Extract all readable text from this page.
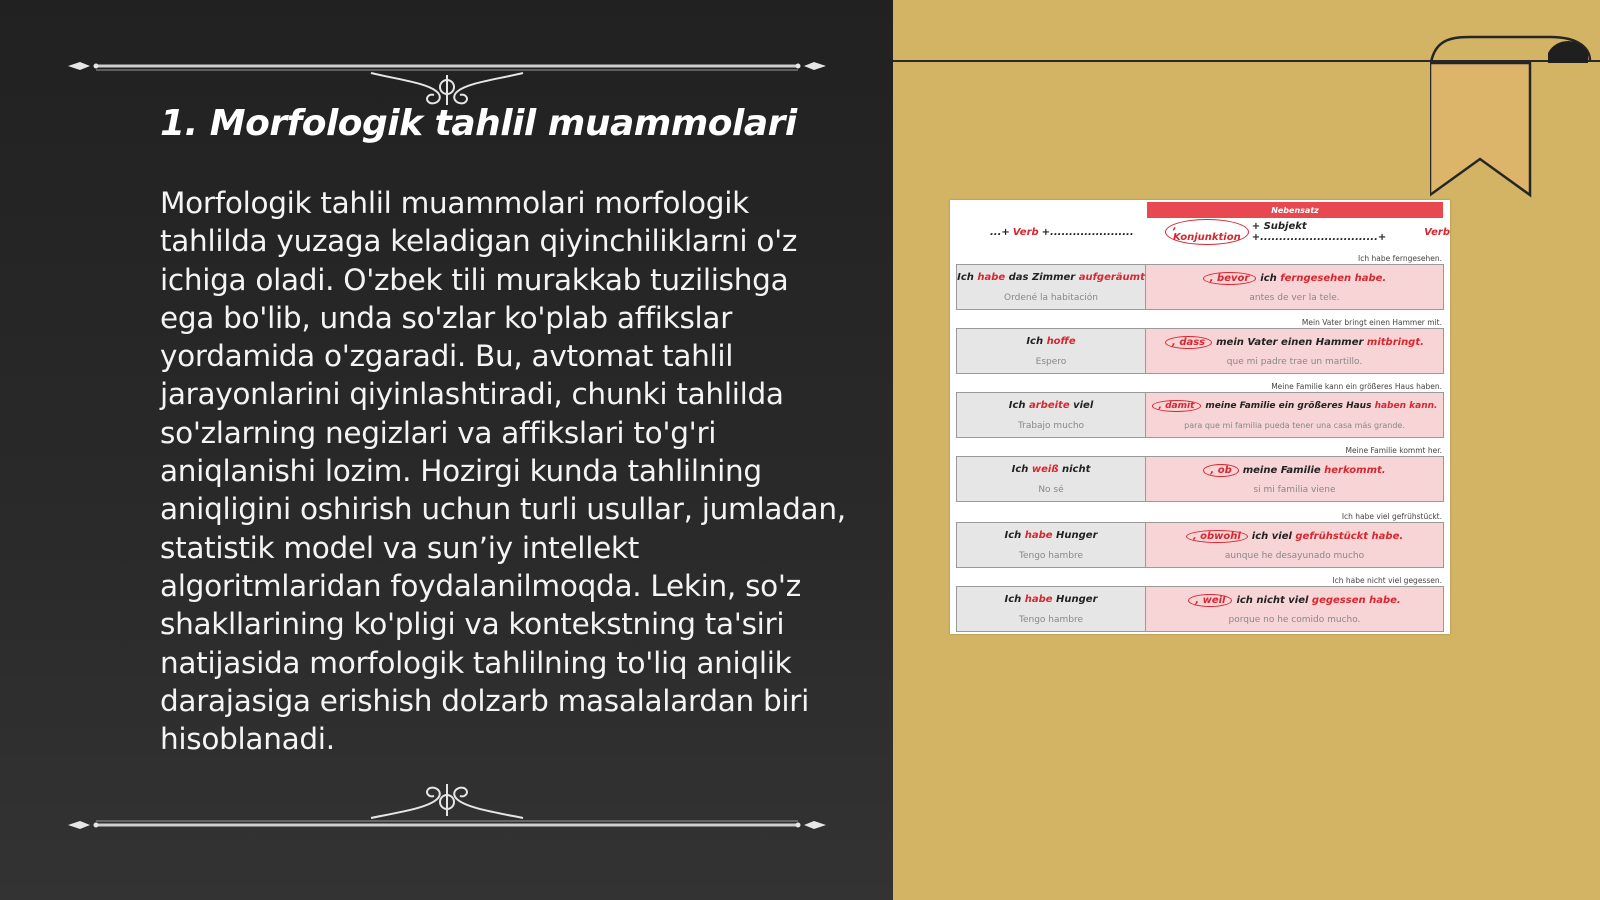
1. Morfologik tahlil muammolari

Morfologik tahlil muammolari morfologik tahlilda yuzaga keladigan qiyinchiliklarni o'z ichiga oladi. O'zbek tili murakkab tuzilishga ega bo'lib, unda so'zlar ko'plab affikslar yordamida o'zgaradi. Bu, avtomat tahlil jarayonlarini qiyinlashtiradi, chunki tahlilda so'zlarning negizlari va affikslari to'g'ri aniqlanishi lozim. Hozirgi kunda tahlilning aniqligini oshirish uchun turli usullar, jumladan, statistik model va sun’iy intellekt algoritmlaridan foydalanilmoqda. Lekin, so'z shakllarining ko'pligi va kontekstning ta'siri natijasida morfologik tahlilning to'liq aniqlik darajasiga erishish dolzarb masalalardan biri hisoblanadi.

Nebensatz
...+ Verb +......................	, Konjunktion
+ Subjekt +...............................+	Verb
Ich habe ferngesehen.
Ich habe das Zimmer aufgeräumt
Ordené la habitación
, bevor ich ferngesehen habe.
antes de ver la tele.
Mein Vater bringt einen Hammer mit.
Ich hoffe
Espero
, dass mein Vater einen Hammer mitbringt.
que mi padre trae un martillo.
Meine Familie kann ein größeres Haus haben.
Ich arbeite viel
Trabajo mucho
, damit meine Familie ein größeres Haus haben kann.
para que mi familia pueda tener una casa más grande.
Meine Familie kommt her.
Ich weiß nicht
No sé
, ob meine Familie herkommt.
si mi familia viene
Ich habe viel gefrühstückt.
Ich habe Hunger
Tengo hambre
, obwohl ich viel gefrühstückt habe.
aunque he desayunado mucho
Ich habe nicht viel gegessen.
Ich habe Hunger
Tengo hambre
, weil ich nicht viel gegessen habe.
porque no he comido mucho.
